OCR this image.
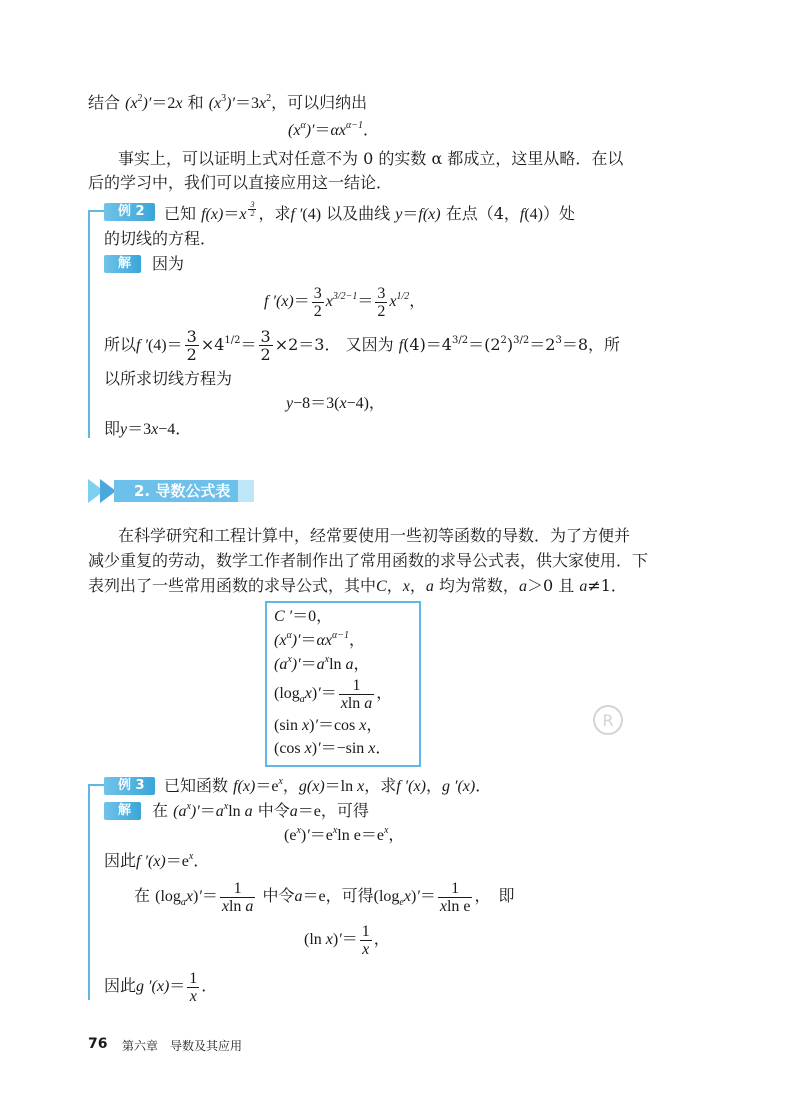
结合 $(x^2)'=2x$ 和 $(x^3)'=3x^2$，可以归纳出
$(x^\alpha)'=\alpha x^{\alpha-1}$．
事实上，可以证明上式对任意不为 0 的实数 α 都成立，这里从略．在以
后的学习中，我们可以直接应用这一结论．
例 2	已知 f(x)＝x $^{\frac{3}{2}}$ ，求f ′(4) 以及曲线 y＝f(x) 在点（4，f(4)）处
的切线的方程．
解	因为
f $'(x)= \frac{3}{2} x^{3/2-1}= \frac{3}{2} x^{1/2}$，
所以f $'(4)= \frac{3}{2} \times 4^{1/2}= \frac{3}{2} \times 2=3$． 又因为 $f(4)=4^{3/2}=(2^2)^{3/2}=2^3=8$，所
以所求切线方程为
y−8＝3(x−4)，
即y＝3x−4．
2. 导数公式表
在科学研究和工程计算中，经常要使用一些初等函数的导数．为了方便并
减少重复的劳动，数学工作者制作出了常用函数的求导公式表，供大家使用．下
表列出了一些常用函数的求导公式，其中C，x，a 均为常数，a＞0 且 a≠1．
C ′＝0，
$(x^\alpha)'=\alpha x^{\alpha-1}$，
$(a^x)'=a^x\ln$ a，
$(\log_ax)'= \frac{1}{\text{xln a}}$ ，
(sin x)′＝cos x，
(cos x)′＝−sin x．
R
例 3	已知函数 $f(x)=e^x$，g(x)＝ln x，求f ′(x)，g ′(x)．
解	在 $(a^x)'=a^x\ln$ a 中令a＝e，可得
$(e^x)'=e^x\ln$ $e=e^x$，
因此f $'(x)=e^x$．
在 $(\log_ax)'= \frac{1}{\text{xln a}}$ 中令a＝e，可得$(\log_ex)'= \frac{1}{\text{xln e}}$ ，　即
(ln $x)'= \frac{1}{x}$ ，
因此g $'(x)= \frac{1}{x}$ ．
76 第六章　导数及其应用
